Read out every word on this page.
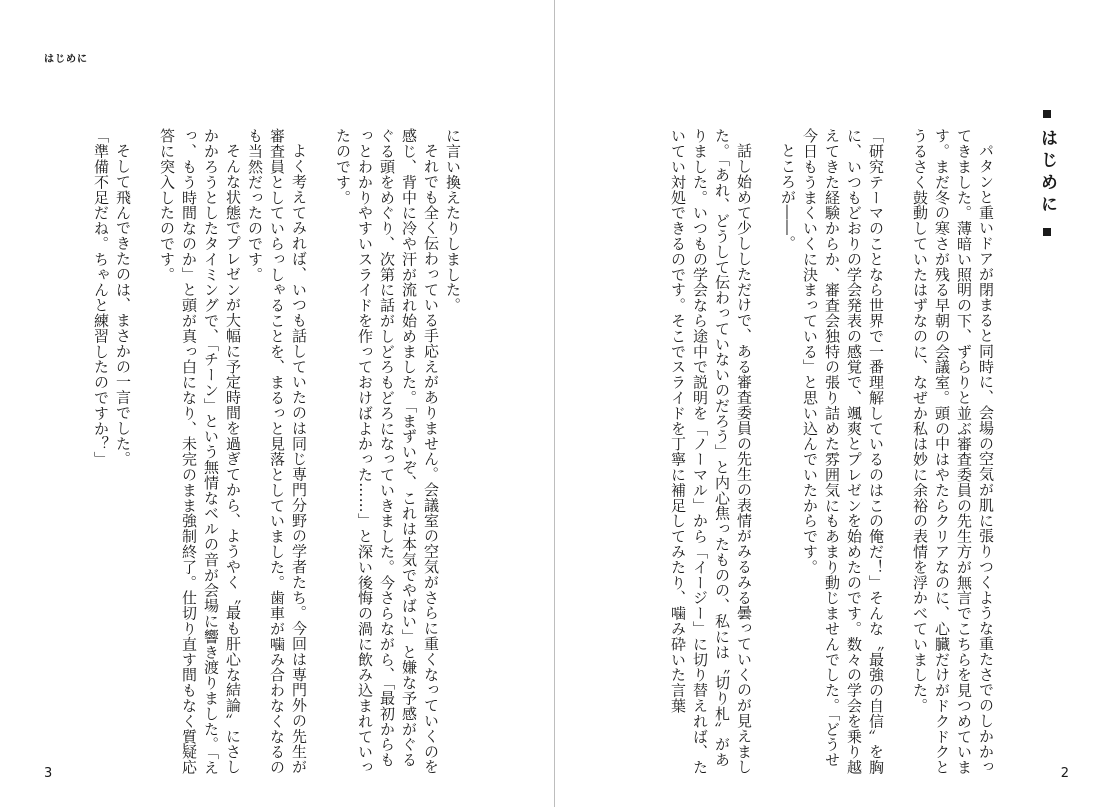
はじめに

に言い換えたりしました。

それでも全く伝わっている手応えがありません。会議室の空気がさらに重くなっていくのを感じ、背中に冷や汗が流れ始めました。「まずいぞ、これは本気でやばい」と嫌な予感がぐるぐる頭をめぐり、次第に話がしどろもどろになっていきました。今さらながら、「最初からもっとわかりやすいスライドを作っておけばよかった……」と深い後悔の渦に飲み込まれていったのです。

よく考えてみれば、いつも話していたのは同じ専門分野の学者たち。今回は専門外の先生が審査員としていらっしゃることを、まるっと見落としていました。歯車が噛み合わなくなるのも当然だったのです。

そんな状態でプレゼンが大幅に予定時間を過ぎてから、ようやく〝最も肝心な結論〟にさしかかろうとしたタイミングで、「チーン」という無情なベルの音が会場に響き渡りました。「えっ、もう時間なのか」と頭が真っ白になり、未完のまま強制終了。仕切り直す間もなく質疑応答に突入したのです。

そして飛んできたのは、まさかの一言でした。

「準備不足だね。ちゃんと練習したのですか？」

3
はじめに

パタンと重いドアが閉まると同時に、会場の空気が肌に張りつくような重たさでのしかかってきました。薄暗い照明の下、ずらりと並ぶ審査委員の先生方が無言でこちらを見つめています。まだ冬の寒さが残る早朝の会議室。頭の中はやたらクリアなのに、心臓だけがドクドクとうるさく鼓動していたはずなのに、なぜか私は妙に余裕の表情を浮かべていました。

「研究テーマのことなら世界で一番理解しているのはこの俺だ！」そんな〝最強の自信〟を胸に、いつもどおりの学会発表の感覚で、颯爽とプレゼンを始めたのです。数々の学会を乗り越えてきた経験からか、審査会独特の張り詰めた雰囲気にもあまり動じませんでした。「どうせ今日もうまくいくに決まっている」と思い込んでいたからです。

ところが――。

話し始めて少ししただけで、ある審査委員の先生の表情がみるみる曇っていくのが見えました。「あれ、どうして伝わっていないのだろう」と内心焦ったものの、私には〝切り札〟がありました。いつもの学会なら途中で説明を「ノーマル」から「イージー」に切り替えれば、たいてい対処できるのです。そこでスライドを丁寧に補足してみたり、噛み砕いた言葉

2
